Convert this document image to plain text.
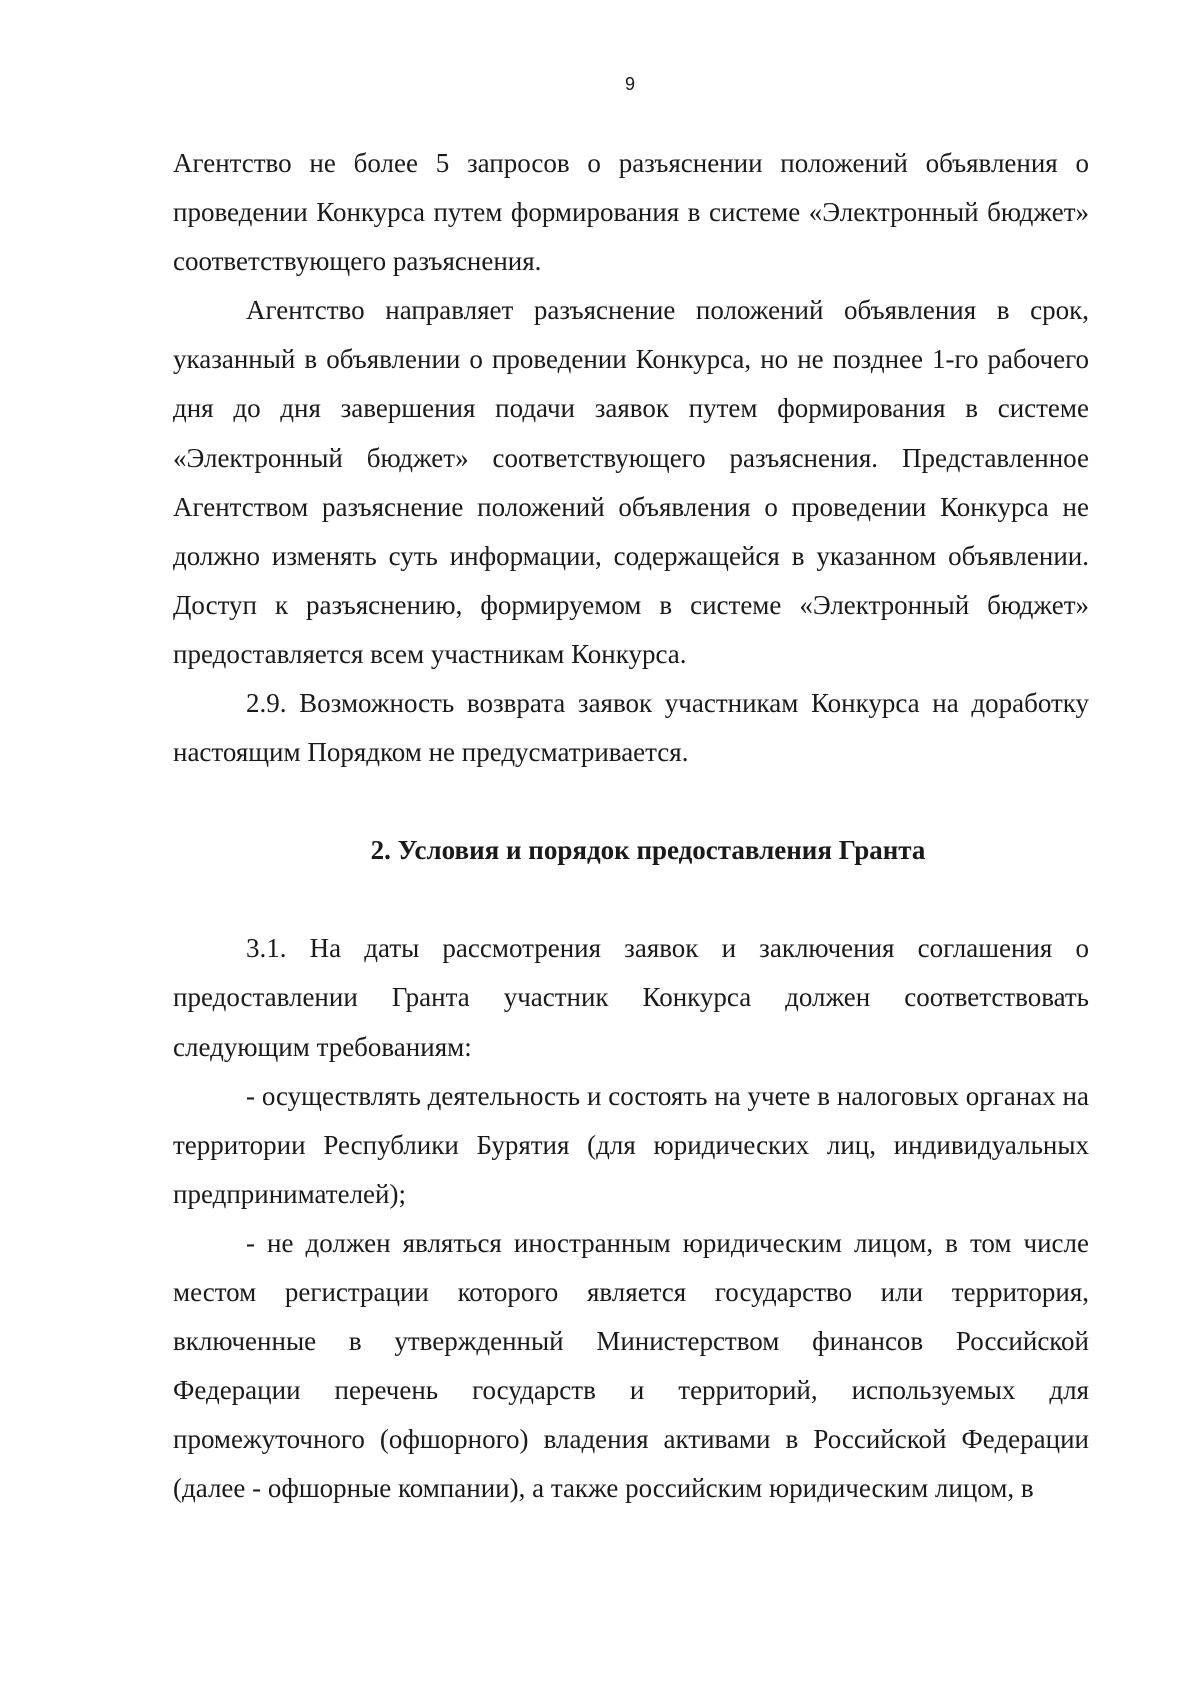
9

Агентство не более 5 запросов о разъяснении положений объявления о проведении Конкурса путем формирования в системе «Электронный бюджет» соответствующего разъяснения.

Агентство направляет разъяснение положений объявления в срок, указанный в объявлении о проведении Конкурса, но не позднее 1-го рабочего дня до дня завершения подачи заявок путем формирования в системе «Электронный бюджет» соответствующего разъяснения. Представленное Агентством разъяснение положений объявления о проведении Конкурса не должно изменять суть информации, содержащейся в указанном объявлении. Доступ к разъяснению, формируемом в системе «Электронный бюджет» предоставляется всем участникам Конкурса.

2.9. Возможность возврата заявок участникам Конкурса на доработку настоящим Порядком не предусматривается.

2. Условия и порядок предоставления Гранта

3.1. На даты рассмотрения заявок и заключения соглашения о предоставлении Гранта участник Конкурса должен соответствовать следующим требованиям:

- осуществлять деятельность и состоять на учете в налоговых органах на территории Республики Бурятия (для юридических лиц, индивидуальных предпринимателей);

- не должен являться иностранным юридическим лицом, в том числе местом регистрации которого является государство или территория, включенные в утвержденный Министерством финансов Российской Федерации перечень государств и территорий, используемых для промежуточного (офшорного) владения активами в Российской Федерации (далее - офшорные компании), а также российским юридическим лицом, в
